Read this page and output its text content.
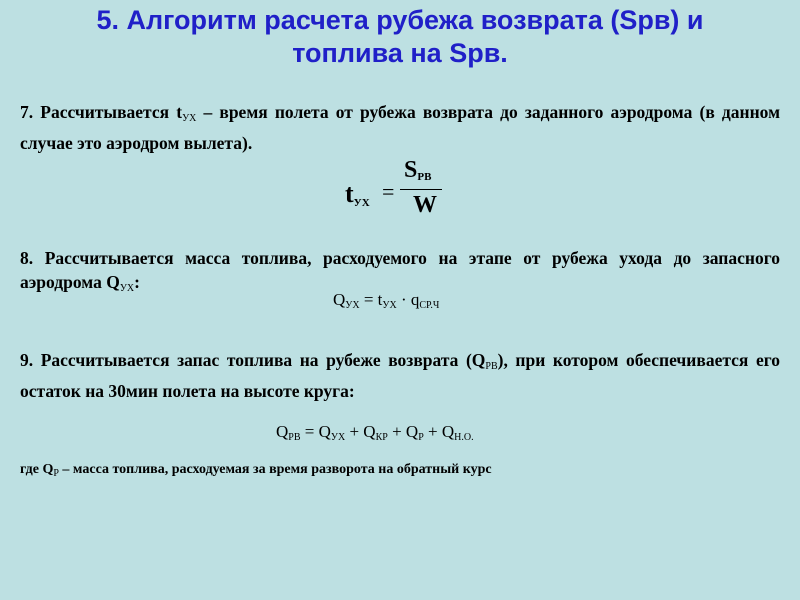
5. Алгоритм расчета рубежа возврата (Sрв) и
топлива на Sрв.
7. Рассчитывается $t_{УХ}$ – время полета от рубежа возврата до заданного аэродрома (в данном случае это аэродром вылета).
tУХ =
SРВ
W
8. Рассчитывается масса топлива, расходуемого на этапе от рубежа ухода до запасного аэродрома $Q_{УХ}$:
$Q_{УХ} = t_{УХ} \cdot q_{СР.Ч}$
9. Рассчитывается запас топлива на рубеже возврата $(Q_{РВ})$, при котором обеспечивается его остаток на 30мин полета на высоте круга:
$Q_{РВ} = Q_{УХ} + Q_{КР} + Q_Р + Q_{Н.О.}$
где $Q_Р$ – масса топлива, расходуемая за время разворота на обратный курс
